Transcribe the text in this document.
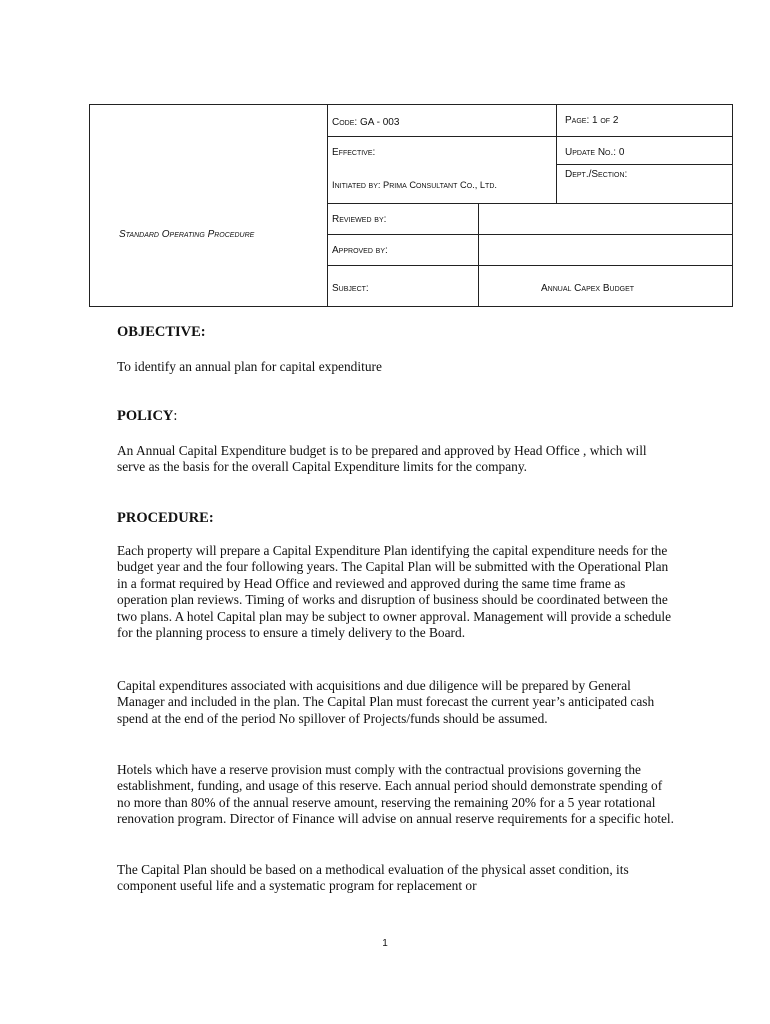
Standard Operating Procedure
Code: GA - 003	Page: 1 of 2
Effective:	Update No.: 0
Dept./Section:
Initiated by: Prima Consultant Co., Ltd.
Reviewed by:
Approved by:
Subject:	Annual Capex Budget

OBJECTIVE:

To identify an annual plan for capital expenditure

POLICY:

An Annual Capital Expenditure budget is to be prepared and approved by Head Office , which will serve as the basis for the overall Capital Expenditure limits for the company.

PROCEDURE:

Each property will prepare a Capital Expenditure Plan identifying the capital expenditure needs for the budget year and the four following years. The Capital Plan will be submitted with the Operational Plan in a format required by Head Office and reviewed and approved during the same time frame as operation plan reviews. Timing of works and disruption of business should be coordinated between the two plans. A hotel Capital plan may be subject to owner approval. Management will provide a schedule for the planning process to ensure a timely delivery to the Board.

Capital expenditures associated with acquisitions and due diligence will be prepared by General Manager and included in the plan. The Capital Plan must forecast the current year’s anticipated cash spend at the end of the period No spillover of Projects/funds should be assumed.

Hotels which have a reserve provision must comply with the contractual provisions governing the establishment, funding, and usage of this reserve. Each annual period should demonstrate spending of no more than 80% of the annual reserve amount, reserving the remaining 20% for a 5 year rotational renovation program. Director of Finance will advise on annual reserve requirements for a specific hotel.

The Capital Plan should be based on a methodical evaluation of the physical asset condition, its component useful life and a systematic program for replacement or

1
